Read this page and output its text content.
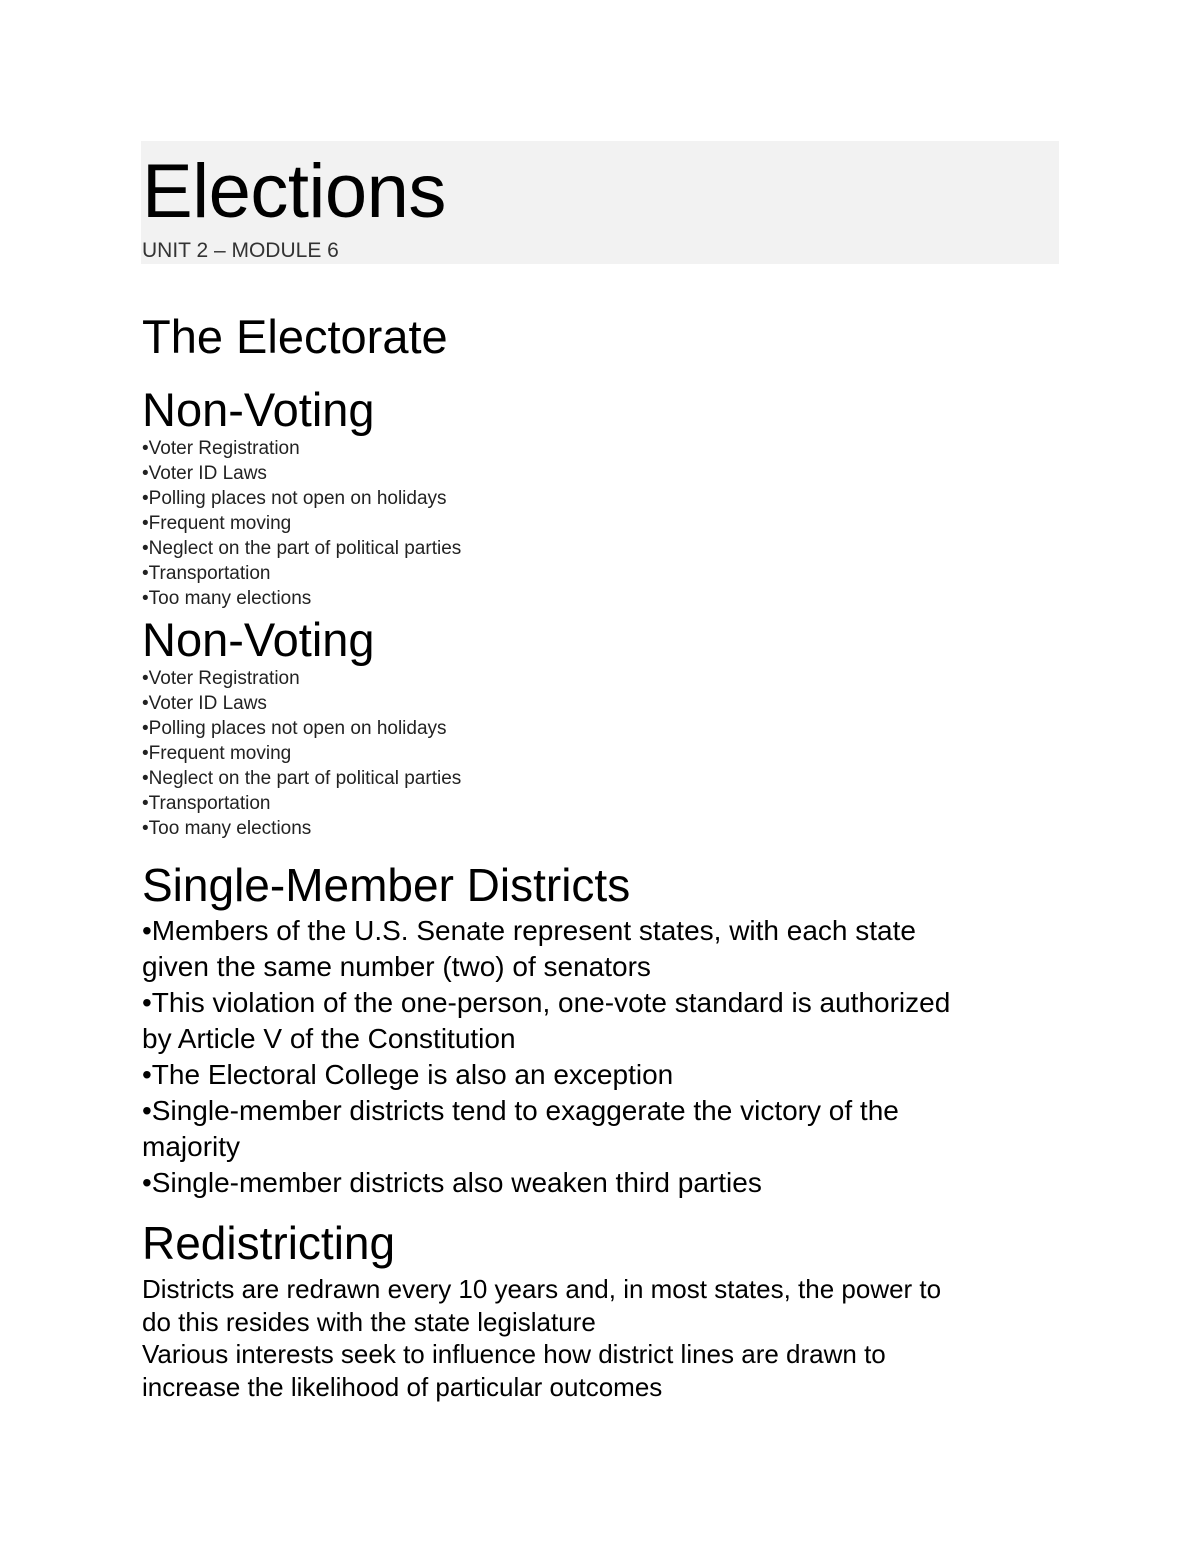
Elections
UNIT 2 – MODULE 6
The Electorate
Non-Voting
•Voter Registration
•Voter ID Laws
•Polling places not open on holidays
•Frequent moving
•Neglect on the part of political parties
•Transportation
•Too many elections
Non-Voting
•Voter Registration
•Voter ID Laws
•Polling places not open on holidays
•Frequent moving
•Neglect on the part of political parties
•Transportation
•Too many elections
Single-Member Districts
•Members of the U.S. Senate represent states, with each state given the same number (two) of senators
•This violation of the one-person, one-vote standard is authorized by Article V of the Constitution
•The Electoral College is also an exception
•Single-member districts tend to exaggerate the victory of the majority
•Single-member districts also weaken third parties
Redistricting

Districts are redrawn every 10 years and, in most states, the power to do this resides with the state legislature

Various interests seek to influence how district lines are drawn to increase the likelihood of particular outcomes
